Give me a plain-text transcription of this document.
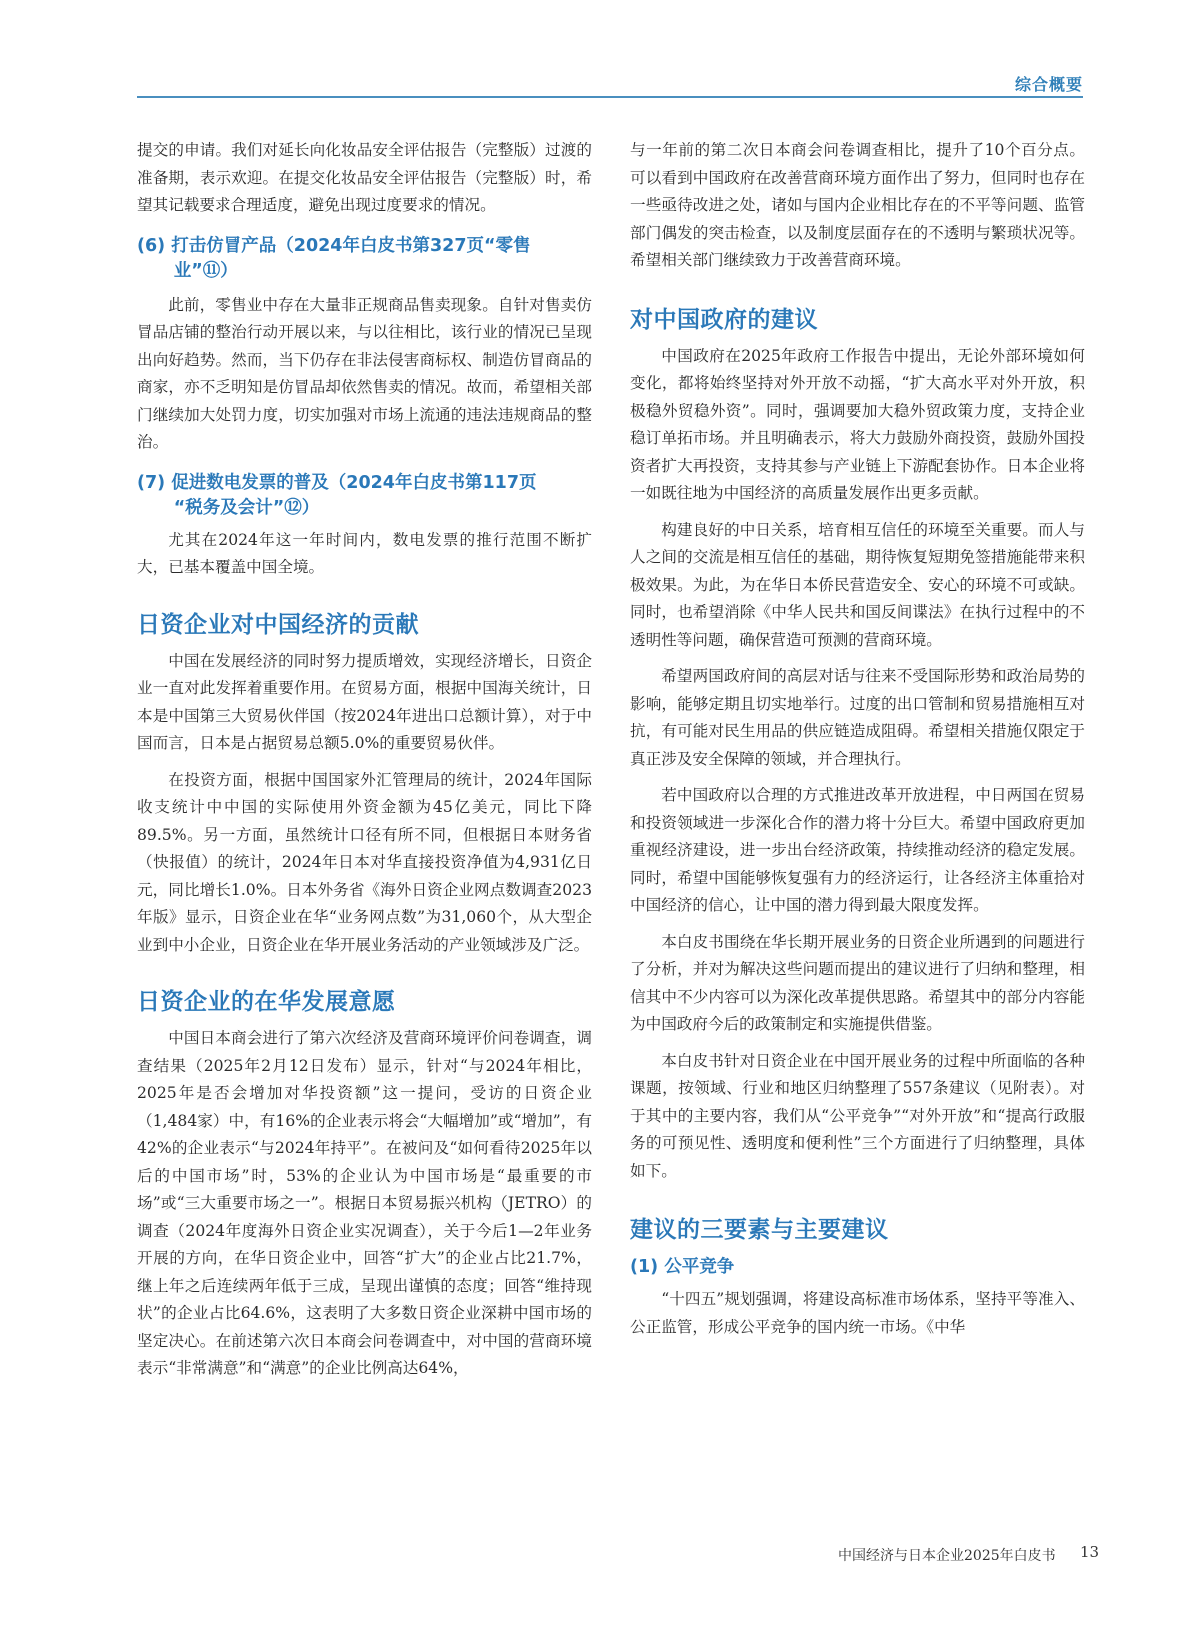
综合概要

提交的申请。我们对延长向化妆品安全评估报告（完整版）过渡的准备期，表示欢迎。在提交化妆品安全评估报告（完整版）时，希望其记载要求合理适度，避免出现过度要求的情况。

(6) 打击仿冒产品（2024年白皮书第327页“零售
业”⑪）

此前，零售业中存在大量非正规商品售卖现象。自针对售卖仿冒品店铺的整治行动开展以来，与以往相比，该行业的情况已呈现出向好趋势。然而，当下仍存在非法侵害商标权、制造仿冒商品的商家，亦不乏明知是仿冒品却依然售卖的情况。故而，希望相关部门继续加大处罚力度，切实加强对市场上流通的违法违规商品的整治。

(7) 促进数电发票的普及（2024年白皮书第117页
“税务及会计”⑫）

尤其在2024年这一年时间内，数电发票的推行范围不断扩大，已基本覆盖中国全境。

日资企业对中国经济的贡献

中国在发展经济的同时努力提质增效，实现经济增长，日资企业一直对此发挥着重要作用。在贸易方面，根据中国海关统计，日本是中国第三大贸易伙伴国（按2024年进出口总额计算），对于中国而言，日本是占据贸易总额5.0%的重要贸易伙伴。

在投资方面，根据中国国家外汇管理局的统计，2024年国际收支统计中中国的实际使用外资金额为45亿美元，同比下降89.5%。另一方面，虽然统计口径有所不同，但根据日本财务省（快报值）的统计，2024年日本对华直接投资净值为4,931亿日元，同比增长1.0%。日本外务省《海外日资企业网点数调查2023年版》显示，日资企业在华“业务网点数”为31,060个，从大型企业到中小企业，日资企业在华开展业务活动的产业领域涉及广泛。

日资企业的在华发展意愿

中国日本商会进行了第六次经济及营商环境评价问卷调查，调查结果（2025年2月12日发布）显示，针对“与2024年相比，2025年是否会增加对华投资额”这一提问，受访的日资企业（1,484家）中，有16%的企业表示将会“大幅增加”或“增加”，有42%的企业表示“与2024年持平”。在被问及“如何看待2025年以后的中国市场”时，53%的企业认为中国市场是“最重要的市场”或“三大重要市场之一”。根据日本贸易振兴机构（JETRO）的调查（2024年度海外日资企业实况调查），关于今后1—2年业务开展的方向，在华日资企业中，回答“扩大”的企业占比21.7%，继上年之后连续两年低于三成，呈现出谨慎的态度；回答“维持现状”的企业占比64.6%，这表明了大多数日资企业深耕中国市场的坚定决心。在前述第六次日本商会问卷调查中，对中国的营商环境表示“非常满意”和“满意”的企业比例高达64%，

与一年前的第二次日本商会问卷调查相比，提升了10个百分点。可以看到中国政府在改善营商环境方面作出了努力，但同时也存在一些亟待改进之处，诸如与国内企业相比存在的不平等问题、监管部门偶发的突击检查，以及制度层面存在的不透明与繁琐状况等。希望相关部门继续致力于改善营商环境。

对中国政府的建议

中国政府在2025年政府工作报告中提出，无论外部环境如何变化，都将始终坚持对外开放不动摇，“扩大高水平对外开放，积极稳外贸稳外资”。同时，强调要加大稳外贸政策力度，支持企业稳订单拓市场。并且明确表示，将大力鼓励外商投资，鼓励外国投资者扩大再投资，支持其参与产业链上下游配套协作。日本企业将一如既往地为中国经济的高质量发展作出更多贡献。

构建良好的中日关系，培育相互信任的环境至关重要。而人与人之间的交流是相互信任的基础，期待恢复短期免签措施能带来积极效果。为此，为在华日本侨民营造安全、安心的环境不可或缺。同时，也希望消除《中华人民共和国反间谍法》在执行过程中的不透明性等问题，确保营造可预测的营商环境。

希望两国政府间的高层对话与往来不受国际形势和政治局势的影响，能够定期且切实地举行。过度的出口管制和贸易措施相互对抗，有可能对民生用品的供应链造成阻碍。希望相关措施仅限定于真正涉及安全保障的领域，并合理执行。

若中国政府以合理的方式推进改革开放进程，中日两国在贸易和投资领域进一步深化合作的潜力将十分巨大。希望中国政府更加重视经济建设，进一步出台经济政策，持续推动经济的稳定发展。同时，希望中国能够恢复强有力的经济运行，让各经济主体重拾对中国经济的信心，让中国的潜力得到最大限度发挥。

本白皮书围绕在华长期开展业务的日资企业所遇到的问题进行了分析，并对为解决这些问题而提出的建议进行了归纳和整理，相信其中不少内容可以为深化改革提供思路。希望其中的部分内容能为中国政府今后的政策制定和实施提供借鉴。

本白皮书针对日资企业在中国开展业务的过程中所面临的各种课题，按领域、行业和地区归纳整理了557条建议（见附表）。对于其中的主要内容，我们从“公平竞争”“对外开放”和“提高行政服务的可预见性、透明度和便利性”三个方面进行了归纳整理，具体如下。

建议的三要素与主要建议
(1) 公平竞争

“十四五”规划强调，将建设高标准市场体系，坚持平等准入、公正监管，形成公平竞争的国内统一市场。《中华

中国经济与日本企业2025年白皮书 13
